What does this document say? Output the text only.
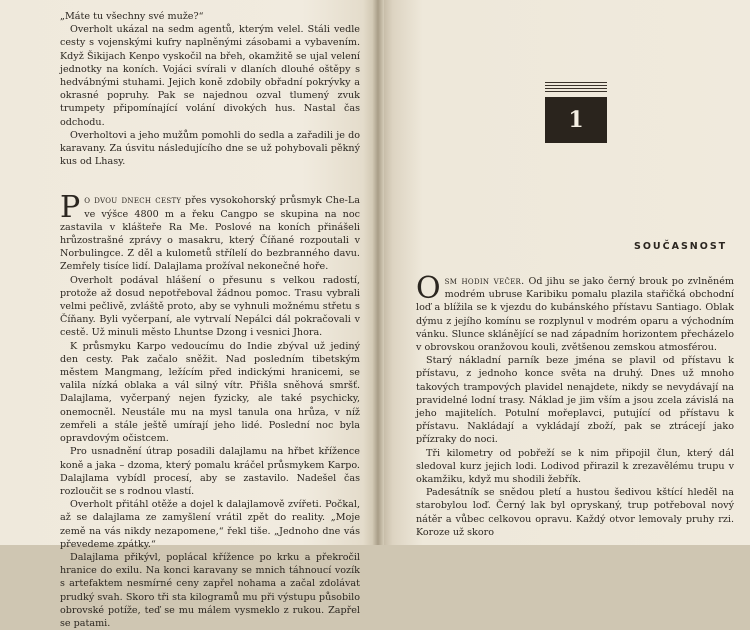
„Máte tu všechny své muže?“

Overholt ukázal na sedm agentů, kterým velel. Stáli vedle cesty s vojenskými kufry naplněnými zásobami a vybavením. Když Šikijach Kenpo vyskočil na břeh, okamžitě se ujal velení jednotky na koních. Vojáci svírali v dlaních dlouhé oštěpy s hedvábnými stuhami. Jejich koně zdobily obřadní pokrývky a okrasné popruhy. Pak se najednou ozval tlumený zvuk trumpety připomínající volání divokých hus. Nastal čas odchodu.

Overholtovi a jeho mužům pomohli do sedla a zařadili je do karavany. Za úsvitu následujícího dne se už pohybovali pěkný kus od Lhasy.

Po dvou dnech cesty přes vysokohorský průsmyk Che-La ve výšce 4800 m a řeku Cangpo se skupina na noc zastavila v klášteře Ra Me. Poslové na koních přinášeli hrůzostrašné zprávy o masakru, který Číňané rozpoutali v Norbulingce. Z děl a kulometů střílelí do bezbranného davu. Zemřely tisíce lidí. Dalajlama prožíval nekonečné hoře.

Overholt podával hlášení o přesunu s velkou radostí, protože až dosud nepotřeboval žádnou pomoc. Trasu vybrali velmi pečlivě, zvláště proto, aby se vyhnuli možnému střetu s Číňany. Byli vyčerpaní, ale vytrvalí Nepálci dál pokračovali v cestě. Už minuli město Lhuntse Dzong i vesnici Jhora.

K průsmyku Karpo vedoucímu do Indie zbýval už jediný den cesty. Pak začalo sněžit. Nad posledním tibetským městem Mangmang, ležícím před indickými hranicemi, se valila nízká oblaka a vál silný vítr. Přišla sněhová smršť. Dalajlama, vyčerpaný nejen fyzicky, ale také psychicky, onemocněl. Neustále mu na mysl tanula ona hrůza, v níž zemřeli a stále ještě umírají jeho lidé. Poslední noc byla opravdovým očistcem.

Pro usnadnění útrap posadili dalajlamu na hřbet křížence koně a jaka – dzoma, který pomalu kráčel průsmykem Karpo. Dalajlama vybídl procesí, aby se zastavilo. Nadešel čas rozloučit se s rodnou vlastí.

Overholt přitáhl otěže a dojel k dalajlamově zvířeti. Počkal, až se dalajlama ze zamyšlení vrátil zpět do reality. „Moje země na vás nikdy nezapomene,“ řekl tiše. „Jednoho dne vás převedeme zpátky.“

Dalajlama přikývl, poplácal křížence po krku a překročil hranice do exilu. Na konci karavany se mnich táhnoucí vozík s artefaktem nesmírné ceny zapřel nohama a začal zdolávat prudký svah. Skoro tři sta kilogramů mu při výstupu působilo obrovské potíže, teď se mu málem vysmeklo z rukou. Zapřel se patami.

1
SOUČASNOST

Osm hodin večer. Od jihu se jako černý brouk po zvlněném modrém ubruse Karibiku pomalu plazila stařičká obchodní loď a blížila se k vjezdu do kubánského přístavu Santiago. Oblak dýmu z jejího komínu se rozplynul v modrém oparu a východním vánku. Slunce sklánějící se nad západním horizontem přecházelo v obrovskou oranžovou kouli, zvětšenou zemskou atmosférou.

Starý nákladní parník beze jména se plavil od přístavu k přístavu, z jednoho konce světa na druhý. Dnes už mnoho takových trampových plavidel nenajdete, nikdy se nevydávají na pravidelné lodní trasy. Náklad je jim vším a jsou zcela závislá na jeho majitelích. Potulní mořeplavci, putující od přístavu k přístavu. Nakládají a vykládají zboží, pak se ztrácejí jako přízraky do noci.

Tři kilometry od pobřeží se k nim připojil člun, který dál sledoval kurz jejich lodi. Lodivod přirazil k zrezavělému trupu v okamžiku, když mu shodili žebřík.

Padesátník se snědou pletí a hustou šedivou kštící hleděl na starobylou loď. Černý lak byl opryskaný, trup potřeboval nový nátěr a vůbec celkovou opravu. Každý otvor lemovaly pruhy rzi. Koroze už skoro
